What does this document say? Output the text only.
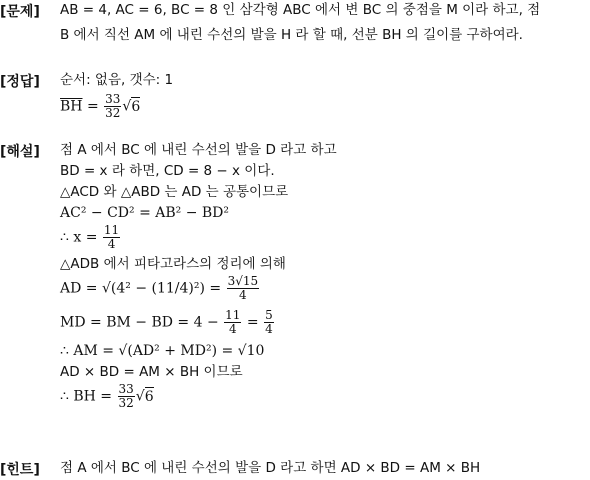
[문제] AB = 4, AC = 6, BC = 8 인 삼각형 ABC 에서 변 BC 의 중점을 M 이라 하고, 점
B 에서 직선 AM 에 내린 수선의 발을 H 라 할 때, 선분 BH 의 길이를 구하여라.
[정답] 순서: 없음, 갯수: 1
$\overline{BH} = \frac{33}{32} √6$
[해설] 점 A 에서 BC 에 내린 수선의 발을 D 라고 하고
BD = x 라 하면, CD = 8 − x 이다.
△ACD 와 △ABD 는 AD 는 공통이므로
AC² − CD² = AB² − BD²
∴ $x = \frac{11}{4}$
△ADB 에서 피타고라스의 정리에 의해
AD = $√(4^2 - (11/4)^2) = \frac{3√15}{4}$
MD = BM − BD = $4 - \frac{11}{4} = \frac{5}{4}$
∴ AM = √(AD² + MD²) = √10
AD × BD = AM × BH 이므로
∴ BH = $\frac{33}{32} √6$
[힌트] 점 A 에서 BC 에 내린 수선의 발을 D 라고 하면 AD × BD = AM × BH
